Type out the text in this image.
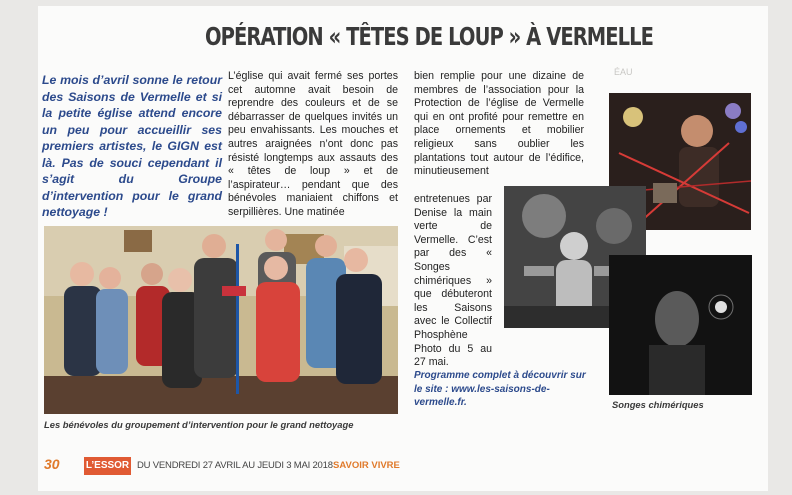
OPÉRATION « TÊTES DE LOUP » À VERMELLE
Le mois d’avril sonne le retour des Saisons de Vermelle et si la petite église attend encore un peu pour accueillir ses premiers artistes, le GIGN est là. Pas de souci cependant il s’agit du Groupe d’intervention pour le grand nettoyage !
L’église qui avait fermé ses portes cet automne avait besoin de reprendre des couleurs et de se débarrasser de quelques invités un peu envahissants. Les mouches et autres araignées n’ont donc pas résisté longtemps aux assauts des « têtes de loup » et de l’aspirateur… pendant que des bénévoles maniaient chiffons et serpillières. Une matinée
bien remplie pour une dizaine de membres de l’association pour la Protection de l’église de Vermelle qui en ont profité pour remettre en place ornements et mobilier religieux sans oublier les plantations tout autour de l’édifice, minutieusement
entretenues par Denise la main verte de Vermelle. C’est par des « Songes chimériques » que débuteront les Saisons avec le Collectif Phosphène Photo du 5 au 27 mai.
Programme complet à découvrir sur le site : www.les-saisons-de-vermelle.fr.
Les bénévoles du groupement d’intervention pour le grand nettoyage
Songes chimériques
ÉAU
30	L’ESSOR DU VENDREDI 27 AVRIL AU JEUDI 3 MAI 2018 SAVOIR VIVRE
